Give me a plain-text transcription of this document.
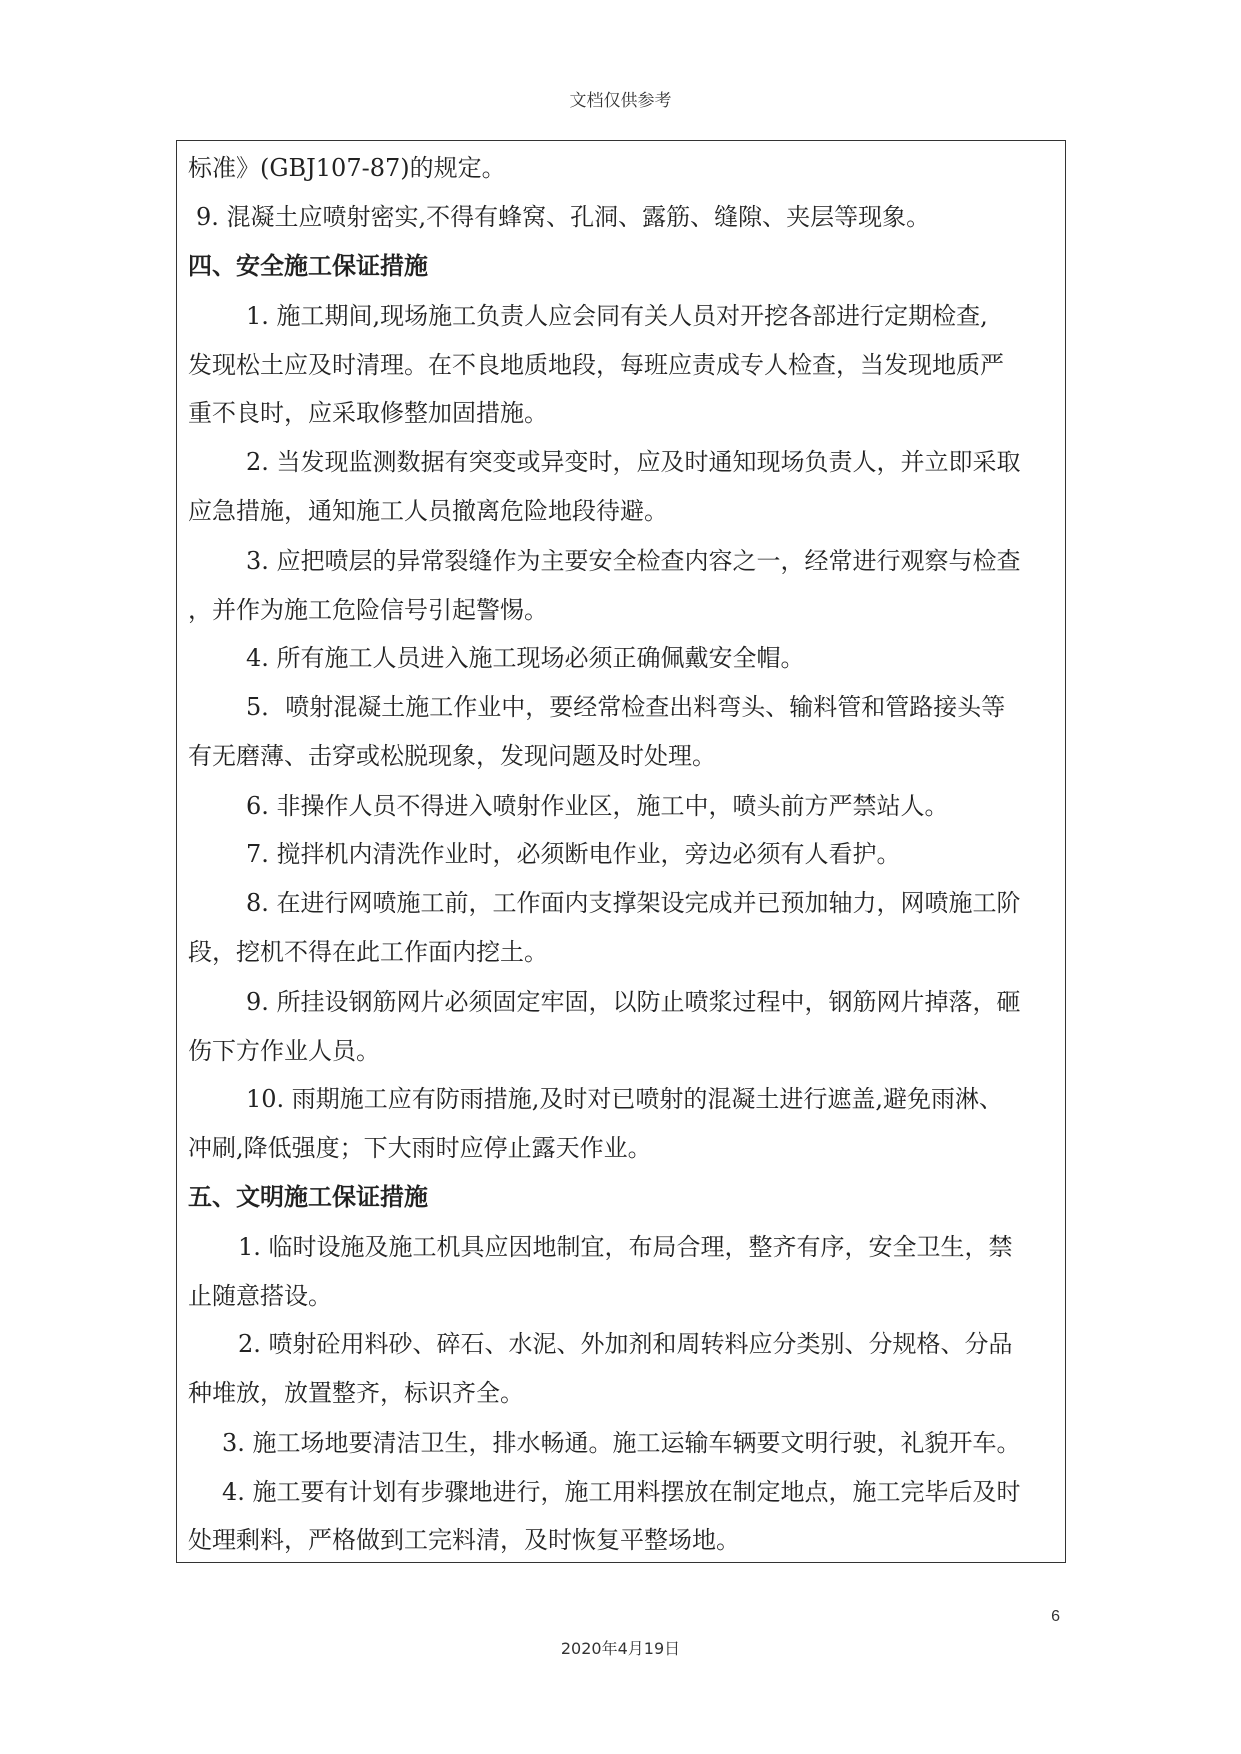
文档仅供参考
标准》(GBJ107-87)的规定。
9. 混凝土应喷射密实,不得有蜂窝、孔洞、露筋、缝隙、夹层等现象。
四、安全施工保证措施
1. 施工期间,现场施工负责人应会同有关人员对开挖各部进行定期检查,
发现松土应及时清理。在不良地质地段，每班应责成专人检查，当发现地质严
重不良时，应采取修整加固措施。
2. 当发现监测数据有突变或异变时，应及时通知现场负责人，并立即采取
应急措施，通知施工人员撤离危险地段待避。
3. 应把喷层的异常裂缝作为主要安全检查内容之一，经常进行观察与检查
，并作为施工危险信号引起警惕。
4. 所有施工人员进入施工现场必须正确佩戴安全帽。
5．喷射混凝土施工作业中，要经常检查出料弯头、输料管和管路接头等
有无磨薄、击穿或松脱现象，发现问题及时处理。
6. 非操作人员不得进入喷射作业区，施工中，喷头前方严禁站人。
7. 搅拌机内清洗作业时，必须断电作业，旁边必须有人看护。
8. 在进行网喷施工前，工作面内支撑架设完成并已预加轴力，网喷施工阶
段，挖机不得在此工作面内挖土。
9. 所挂设钢筋网片必须固定牢固，以防止喷浆过程中，钢筋网片掉落，砸
伤下方作业人员。
10. 雨期施工应有防雨措施,及时对已喷射的混凝土进行遮盖,避免雨淋、
冲刷,降低强度；下大雨时应停止露天作业。
五、文明施工保证措施
1. 临时设施及施工机具应因地制宜，布局合理，整齐有序，安全卫生，禁
止随意搭设。
2. 喷射砼用料砂、碎石、水泥、外加剂和周转料应分类别、分规格、分品
种堆放，放置整齐，标识齐全。
3. 施工场地要清洁卫生，排水畅通。施工运输车辆要文明行驶，礼貌开车。
4. 施工要有计划有步骤地进行，施工用料摆放在制定地点，施工完毕后及时
处理剩料，严格做到工完料清，及时恢复平整场地。
6
2020年4月19日
